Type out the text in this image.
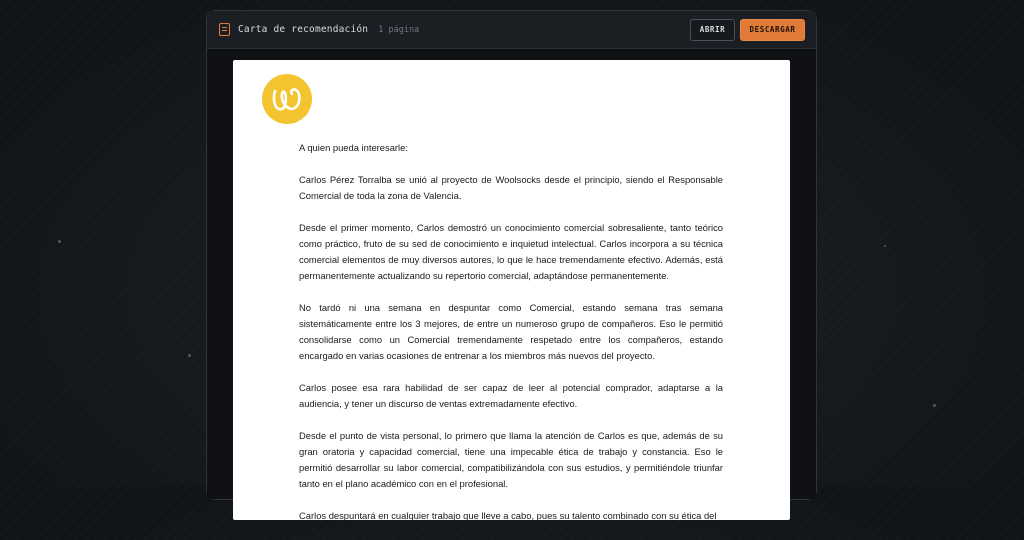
Carta de recomendación 1 página	ABRIR	DESCARGAR

A quien pueda interesarle:

Carlos Pérez Torralba se unió al proyecto de Woolsocks desde el principio, siendo el Responsable Comercial de toda la zona de Valencia.

Desde el primer momento, Carlos demostró un conocimiento comercial sobresaliente, tanto teórico como práctico, fruto de su sed de conocimiento e inquietud intelectual. Carlos incorpora a su técnica comercial elementos de muy diversos autores, lo que le hace tremendamente efectivo. Además, está permanentemente actualizando su repertorio comercial, adaptándose permanentemente.

No tardó ni una semana en despuntar como Comercial, estando semana tras semana sistemáticamente entre los 3 mejores, de entre un numeroso grupo de compañeros. Eso le permitió consolidarse como un Comercial tremendamente respetado entre los compañeros, estando encargado en varias ocasiones de entrenar a los miembros más nuevos del proyecto.

Carlos posee esa rara habilidad de ser capaz de leer al potencial comprador, adaptarse a la audiencia, y tener un discurso de ventas extremadamente efectivo.

Desde el punto de vista personal, lo primero que llama la atención de Carlos es que, además de su gran oratoria y capacidad comercial, tiene una impecable ética de trabajo y constancia. Eso le permitió desarrollar su labor comercial, compatibilizándola con sus estudios, y permitiéndole triunfar tanto en el plano académico con en el profesional.

Carlos despuntará en cualquier trabajo que lleve a cabo, pues su talento combinado con su ética del
